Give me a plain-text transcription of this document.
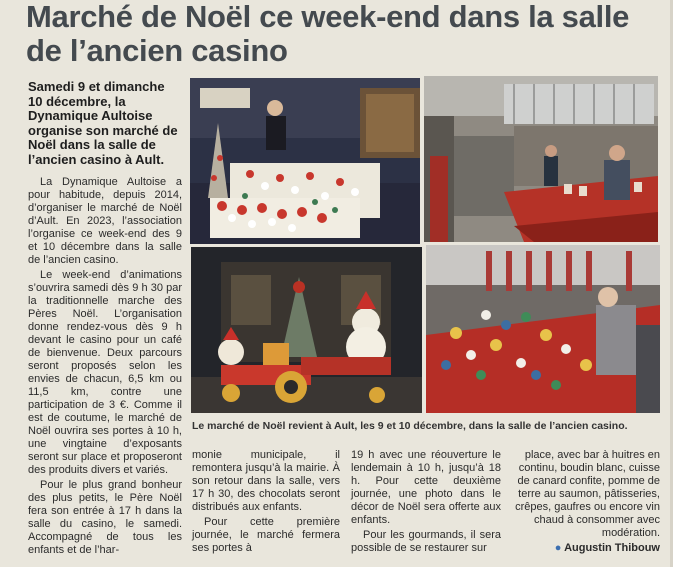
Marché de Noël ce week-end dans la salle de l’ancien casino
Samedi 9 et dimanche 10 décembre, la Dynamique Aultoise organise son marché de Noël dans la salle de l’ancien casino à Ault.

La Dynamique Aultoise a pour habitude, depuis 2014, d’organiser le marché de Noël d’Ault. En 2023, l’association l’organise ce week-end des 9 et 10 décembre dans la salle de l’ancien casino.

Le week-end d’animations s’ouvrira samedi dès 9 h 30 par la traditionnelle marche des Pères Noël. L’organisation donne rendez-vous dès 9 h devant le casino pour un café de bienvenue. Deux parcours seront proposés selon les envies de chacun, 6,5 km ou 11,5 km, contre une participation de 3 €. Comme il est de coutume, le marché de Noël ouvrira ses portes à 10 h, une vingtaine d’exposants seront sur place et proposeront des produits divers et variés.

Pour le plus grand bonheur des plus petits, le Père Noël fera son entrée à 17 h dans la salle du casino, le samedi. Accompagné de tous les enfants et de l’har-

Le marché de Noël revient à Ault, les 9 et 10 décembre, dans la salle de l’ancien casino.

monie municipale, il remontera jusqu’à la mairie. À son retour dans la salle, vers 17 h 30, des chocolats seront distribués aux enfants.

Pour cette première journée, le marché fermera ses portes à

19 h avec une réouverture le lendemain à 10 h, jusqu’à 18 h. Pour cette deuxième journée, une photo dans le décor de Noël sera offerte aux enfants.

Pour les gourmands, il sera possible de se restaurer sur

place, avec bar à huitres en continu, boudin blanc, cuisse de canard confite, pomme de terre au saumon, pâtisseries, crêpes, gaufres ou encore vin chaud à consommer avec modération.

● Augustin Thibouw
